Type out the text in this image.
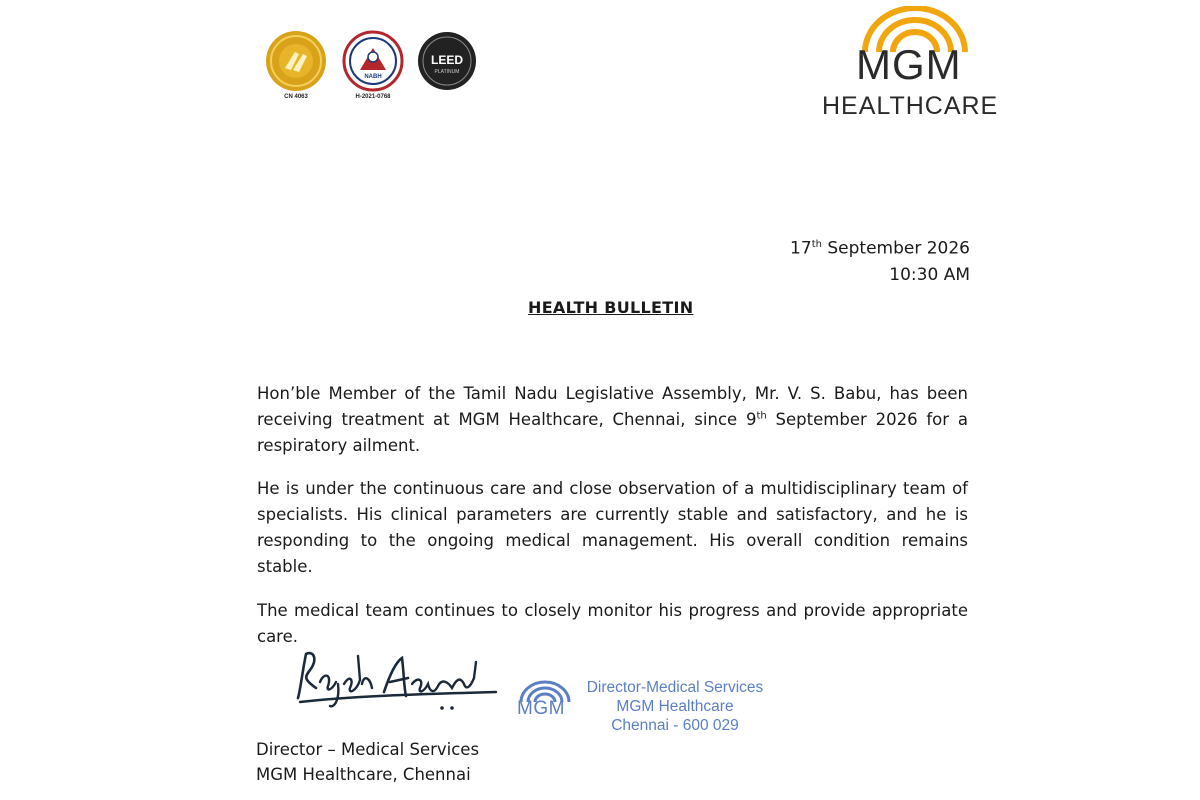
CN 4063
NABH
H-2021-0768
LEED
PLATINUM	MGM
HEALTHCARE
17th September 2026
10:30 AM
HEALTH BULLETIN

Hon’ble Member of the Tamil Nadu Legislative Assembly, Mr. V. S. Babu, has been receiving treatment at MGM Healthcare, Chennai, since 9th September 2026 for a respiratory ailment.

He is under the continuous care and close observation of a multidisciplinary team of specialists. His clinical parameters are currently stable and satisfactory, and he is responding to the ongoing medical management. His overall condition remains stable.

The medical team continues to closely monitor his progress and provide appropriate care.

MGM
Director-Medical Services
MGM Healthcare
Chennai - 600 029
Director – Medical Services
MGM Healthcare, Chennai
